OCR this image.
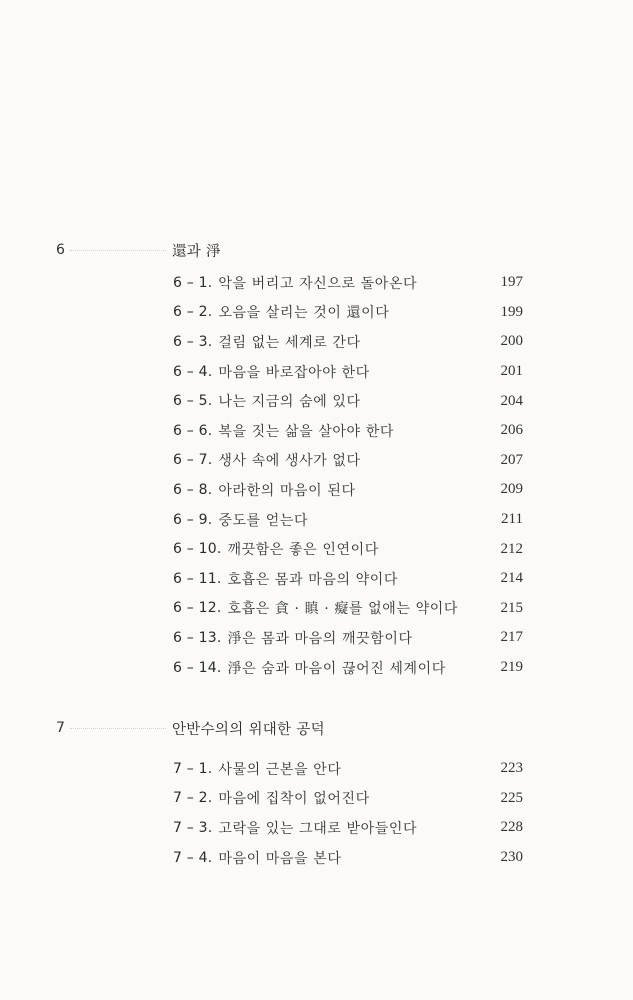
6	還과 淨
6 – 1. 악을 버리고 자신으로 돌아온다	197
6 – 2. 오음을 살리는 것이 還이다	199
6 – 3. 걸림 없는 세계로 간다	200
6 – 4. 마음을 바로잡아야 한다	201
6 – 5. 나는 지금의 숨에 있다	204
6 – 6. 복을 짓는 삶을 살아야 한다	206
6 – 7. 생사 속에 생사가 없다	207
6 – 8. 아라한의 마음이 된다	209
6 – 9. 중도를 얻는다	211
6 – 10. 깨끗함은 좋은 인연이다	212
6 – 11. 호흡은 몸과 마음의 약이다	214
6 – 12. 호흡은 貪 · 瞋 · 癡를 없애는 약이다	215
6 – 13. 淨은 몸과 마음의 깨끗함이다	217
6 – 14. 淨은 숨과 마음이 끊어진 세계이다	219
7	안반수의의 위대한 공덕
7 – 1. 사물의 근본을 안다	223
7 – 2. 마음에 집착이 없어진다	225
7 – 3. 고락을 있는 그대로 받아들인다	228
7 – 4. 마음이 마음을 본다	230
